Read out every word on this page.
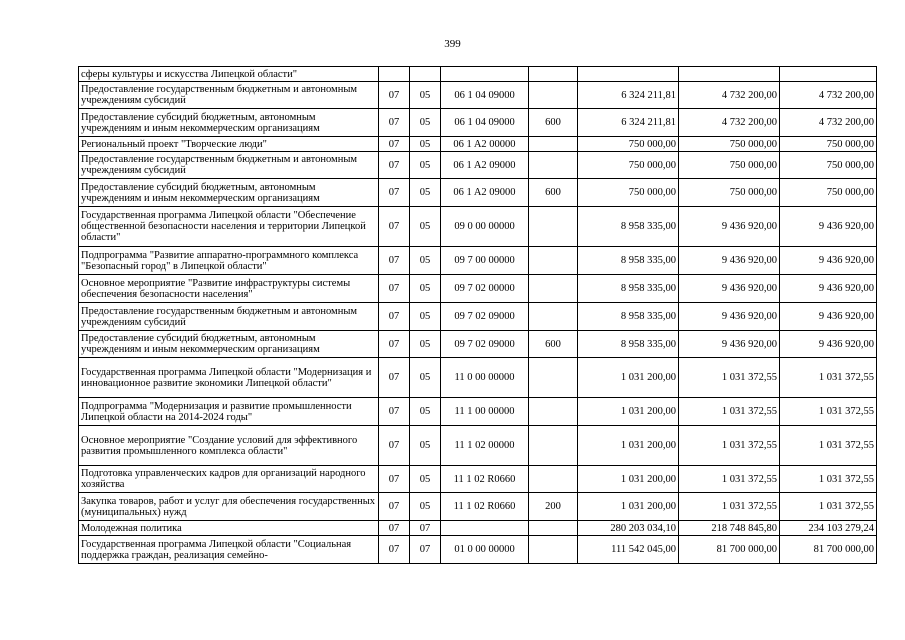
399
сферы культуры и искусства Липецкой области"							
Предоставление государственным бюджетным и автономным учреждениям субсидий	07	05	06 1 04 09000		6 324 211,81	4 732 200,00	4 732 200,00
Предоставление субсидий бюджетным, автономным учреждениям и иным некоммерческим организациям	07	05	06 1 04 09000	600	6 324 211,81	4 732 200,00	4 732 200,00
Региональный проект "Творческие люди"	07	05	06 1 A2 00000		750 000,00	750 000,00	750 000,00
Предоставление государственным бюджетным и автономным учреждениям субсидий	07	05	06 1 A2 09000		750 000,00	750 000,00	750 000,00
Предоставление субсидий бюджетным, автономным учреждениям и иным некоммерческим организациям	07	05	06 1 A2 09000	600	750 000,00	750 000,00	750 000,00
Государственная программа Липецкой области "Обеспечение общественной безопасности населения и территории Липецкой области"	07	05	09 0 00 00000		8 958 335,00	9 436 920,00	9 436 920,00
Подпрограмма "Развитие аппаратно-программного комплекса "Безопасный город" в Липецкой области"	07	05	09 7 00 00000		8 958 335,00	9 436 920,00	9 436 920,00
Основное мероприятие "Развитие инфраструктуры системы обеспечения безопасности населения"	07	05	09 7 02 00000		8 958 335,00	9 436 920,00	9 436 920,00
Предоставление государственным бюджетным и автономным учреждениям субсидий	07	05	09 7 02 09000		8 958 335,00	9 436 920,00	9 436 920,00
Предоставление субсидий бюджетным, автономным учреждениям и иным некоммерческим организациям	07	05	09 7 02 09000	600	8 958 335,00	9 436 920,00	9 436 920,00
Государственная программа Липецкой области "Модернизация и инновационное развитие экономики Липецкой области"	07	05	11 0 00 00000		1 031 200,00	1 031 372,55	1 031 372,55
Подпрограмма "Модернизация и развитие промышленности Липецкой области на 2014-2024 годы"	07	05	11 1 00 00000		1 031 200,00	1 031 372,55	1 031 372,55
Основное мероприятие "Создание условий для эффективного развития промышленного комплекса области"	07	05	11 1 02 00000		1 031 200,00	1 031 372,55	1 031 372,55
Подготовка управленческих кадров для организаций народного хозяйства	07	05	11 1 02 R0660		1 031 200,00	1 031 372,55	1 031 372,55
Закупка товаров, работ и услуг для обеспечения государственных (муниципальных) нужд	07	05	11 1 02 R0660	200	1 031 200,00	1 031 372,55	1 031 372,55
Молодежная политика	07	07			280 203 034,10	218 748 845,80	234 103 279,24
Государственная программа Липецкой области "Социальная поддержка граждан, реализация семейно-	07	07	01 0 00 00000		111 542 045,00	81 700 000,00	81 700 000,00
